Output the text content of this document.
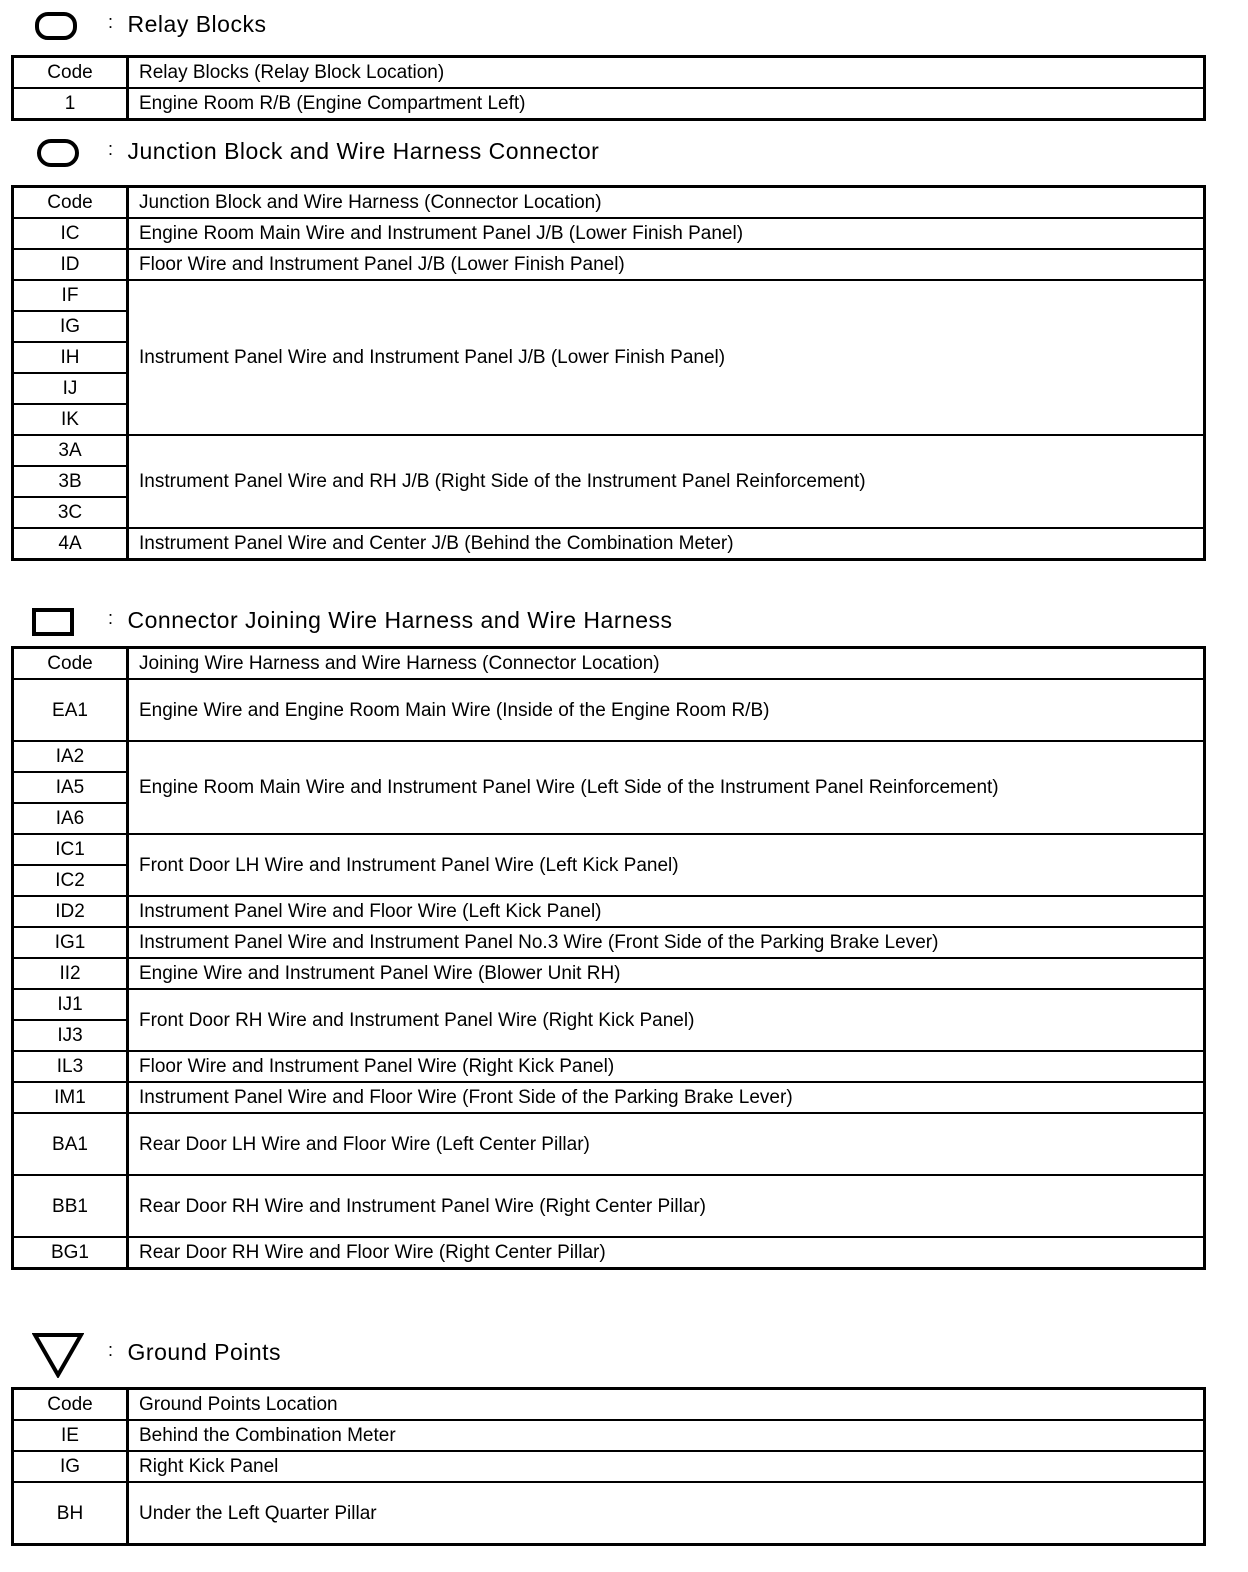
: Relay Blocks
Code	Relay Blocks (Relay Block Location)
1	Engine Room R/B (Engine Compartment Left)
: Junction Block and Wire Harness Connector
Code	Junction Block and Wire Harness (Connector Location)
IC	Engine Room Main Wire and Instrument Panel J/B (Lower Finish Panel)
ID	Floor Wire and Instrument Panel J/B (Lower Finish Panel)
IF	Instrument Panel Wire and Instrument Panel J/B (Lower Finish Panel)
IG	
IH	
IJ	
IK	
3A	Instrument Panel Wire and RH J/B (Right Side of the Instrument Panel Reinforcement)
3B	
3C	
4A	Instrument Panel Wire and Center J/B (Behind the Combination Meter)
: Connector Joining Wire Harness and Wire Harness
Code	Joining Wire Harness and Wire Harness (Connector Location)
EA1	Engine Wire and Engine Room Main Wire (Inside of the Engine Room R/B)
IA2	Engine Room Main Wire and Instrument Panel Wire (Left Side of the Instrument Panel Reinforcement)
IA5	
IA6	
IC1	Front Door LH Wire and Instrument Panel Wire (Left Kick Panel)
IC2	
ID2	Instrument Panel Wire and Floor Wire (Left Kick Panel)
IG1	Instrument Panel Wire and Instrument Panel No.3 Wire (Front Side of the Parking Brake Lever)
II2	Engine Wire and Instrument Panel Wire (Blower Unit RH)
IJ1	Front Door RH Wire and Instrument Panel Wire (Right Kick Panel)
IJ3	
IL3	Floor Wire and Instrument Panel Wire (Right Kick Panel)
IM1	Instrument Panel Wire and Floor Wire (Front Side of the Parking Brake Lever)
BA1	Rear Door LH Wire and Floor Wire (Left Center Pillar)
BB1	Rear Door RH Wire and Instrument Panel Wire (Right Center Pillar)
BG1	Rear Door RH Wire and Floor Wire (Right Center Pillar)
: Ground Points
Code	Ground Points Location
IE	Behind the Combination Meter
IG	Right Kick Panel
BH	Under the Left Quarter Pillar
